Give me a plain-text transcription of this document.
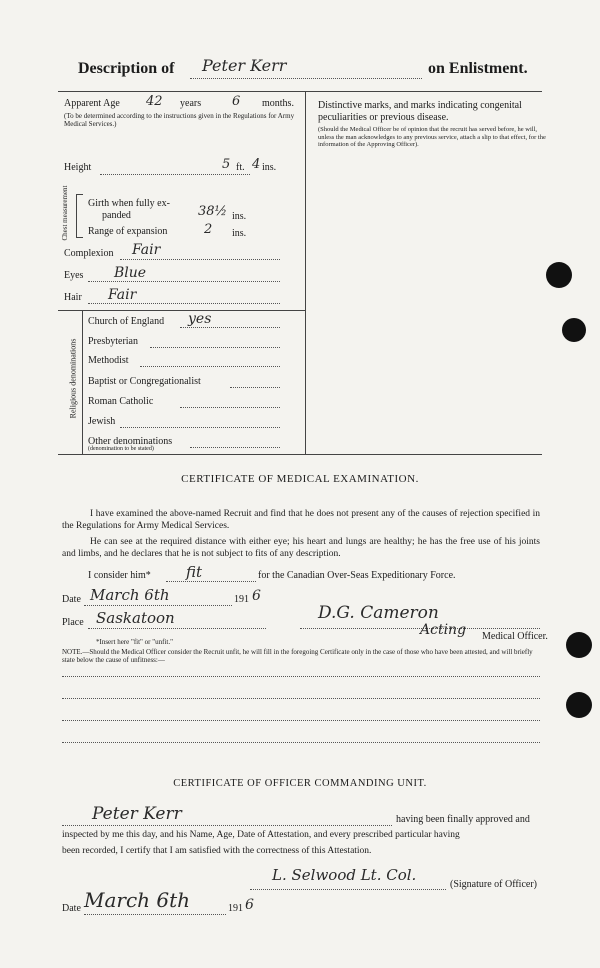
Description of Peter Kerr	on Enlistment.
Apparent Age 42 years 6 months.
(To be determined according to the instructions given in the Regulations for Army Medical Services.)
Height	5 ft. 4 ins.
Chest measurement Girth when fully ex-
panded	38½ ins.
Range of expansion	2 ins.
Complexion Fair
Eyes Blue
Hair Fair
Religious denominations
Church of England yes
Presbyterian
Methodist
Baptist or Congregationalist
Roman Catholic
Jewish
Other denominations
(denomination to be stated)
Distinctive marks, and marks indicating congenital peculiarities or previous disease.
(Should the Medical Officer be of opinion that the recruit has served before, he will, unless the man acknowledges to any previous service, attach a slip to that effect, for the information of the Approving Officer).
CERTIFICATE OF MEDICAL EXAMINATION.
I have examined the above-named Recruit and find that he does not present any of the causes of rejection specified in the Regulations for Army Medical Services.
He can see at the required distance with either eye; his heart and lungs are healthy; he has the free use of his joints and limbs, and he declares that he is not subject to fits of any description.
I consider him* fit	for the Canadian Over-Seas Expeditionary Force.
Date March 6th	191 6
Place Saskatoon	D.G. Cameron
Acting Medical Officer.
*Insert here "fit" or "unfit."
NOTE.—Should the Medical Officer consider the Recruit unfit, he will fill in the foregoing Certificate only in the case of those who have been attested, and will briefly state below the cause of unfitness:—
CERTIFICATE OF OFFICER COMMANDING UNIT.
Peter Kerr	having been finally approved and
inspected by me this day, and his Name, Age, Date of Attestation, and every prescribed particular having
been recorded, I certify that I am satisfied with the correctness of this Attestation.
L. Selwood Lt. Col.
(Signature of Officer)
Date March 6th	191 6
